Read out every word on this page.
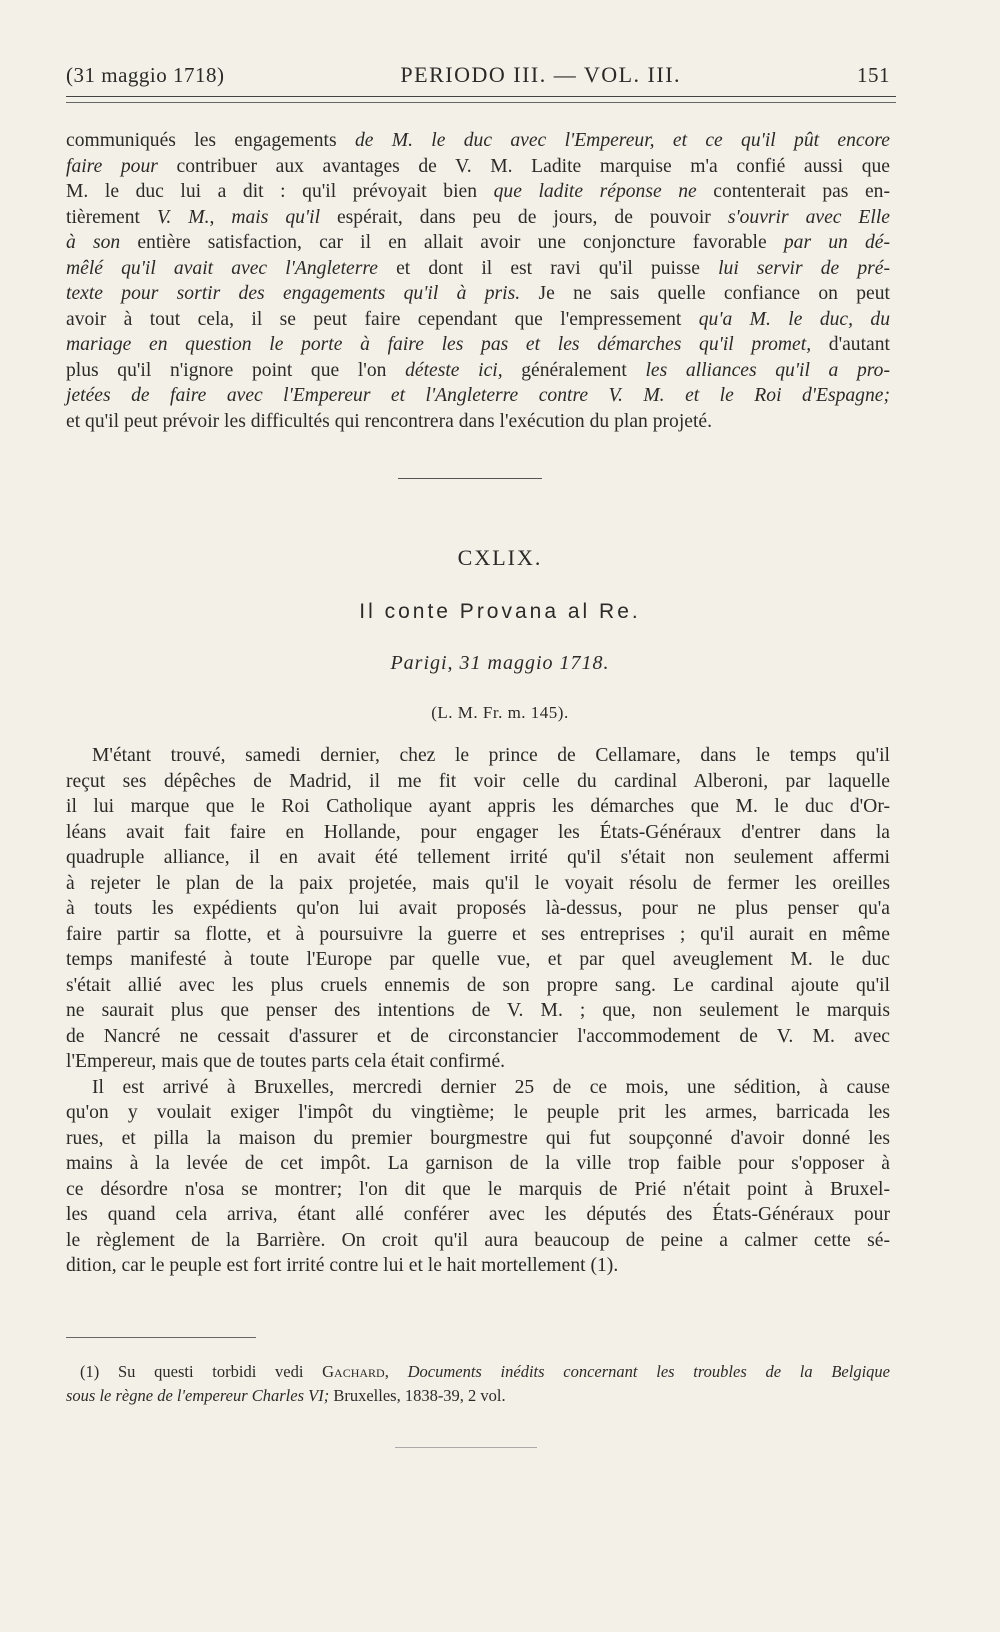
(31 maggio 1718)	PERIODO III. — VOL. III.	151
communiqués les engagements de M. le duc avec l'Empereur, et ce qu'il pût encore
faire pour contribuer aux avantages de V. M. Ladite marquise m'a confié aussi que
M. le duc lui a dit : qu'il prévoyait bien que ladite réponse ne contenterait pas en-
tièrement V. M., mais qu'il espérait, dans peu de jours, de pouvoir s'ouvrir avec Elle
à son entière satisfaction, car il en allait avoir une conjoncture favorable par un dé-
mêlé qu'il avait avec l'Angleterre et dont il est ravi qu'il puisse lui servir de pré-
texte pour sortir des engagements qu'il à pris. Je ne sais quelle confiance on peut
avoir à tout cela, il se peut faire cependant que l'empressement qu'a M. le duc, du
mariage en question le porte à faire les pas et les démarches qu'il promet, d'autant
plus qu'il n'ignore point que l'on déteste ici, généralement les alliances qu'il a pro-
jetées de faire avec l'Empereur et l'Angleterre contre V. M. et le Roi d'Espagne;
et qu'il peut prévoir les difficultés qui rencontrera dans l'exécution du plan projeté.
CXLIX.
Il conte Provana al Re.
Parigi, 31 maggio 1718.
(L. M. Fr. m. 145).
M'étant trouvé, samedi dernier, chez le prince de Cellamare, dans le temps qu'il
reçut ses dépêches de Madrid, il me fit voir celle du cardinal Alberoni, par laquelle
il lui marque que le Roi Catholique ayant appris les démarches que M. le duc d'Or-
léans avait fait faire en Hollande, pour engager les États-Généraux d'entrer dans la
quadruple alliance, il en avait été tellement irrité qu'il s'était non seulement affermi
à rejeter le plan de la paix projetée, mais qu'il le voyait résolu de fermer les oreilles
à touts les expédients qu'on lui avait proposés là-dessus, pour ne plus penser qu'a
faire partir sa flotte, et à poursuivre la guerre et ses entreprises ; qu'il aurait en même
temps manifesté à toute l'Europe par quelle vue, et par quel aveuglement M. le duc
s'était allié avec les plus cruels ennemis de son propre sang. Le cardinal ajoute qu'il
ne saurait plus que penser des intentions de V. M. ; que, non seulement le marquis
de Nancré ne cessait d'assurer et de circonstancier l'accommodement de V. M. avec
l'Empereur, mais que de toutes parts cela était confirmé.
Il est arrivé à Bruxelles, mercredi dernier 25 de ce mois, une sédition, à cause
qu'on y voulait exiger l'impôt du vingtième; le peuple prit les armes, barricada les
rues, et pilla la maison du premier bourgmestre qui fut soupçonné d'avoir donné les
mains à la levée de cet impôt. La garnison de la ville trop faible pour s'opposer à
ce désordre n'osa se montrer; l'on dit que le marquis de Prié n'était point à Bruxel-
les quand cela arriva, étant allé conférer avec les députés des États-Généraux pour
le règlement de la Barrière. On croit qu'il aura beaucoup de peine a calmer cette sé-
dition, car le peuple est fort irrité contre lui et le hait mortellement (1).
(1) Su questi torbidi vedi Gachard, Documents inédits concernant les troubles de la Belgique
sous le règne de l'empereur Charles VI; Bruxelles, 1838-39, 2 vol.
